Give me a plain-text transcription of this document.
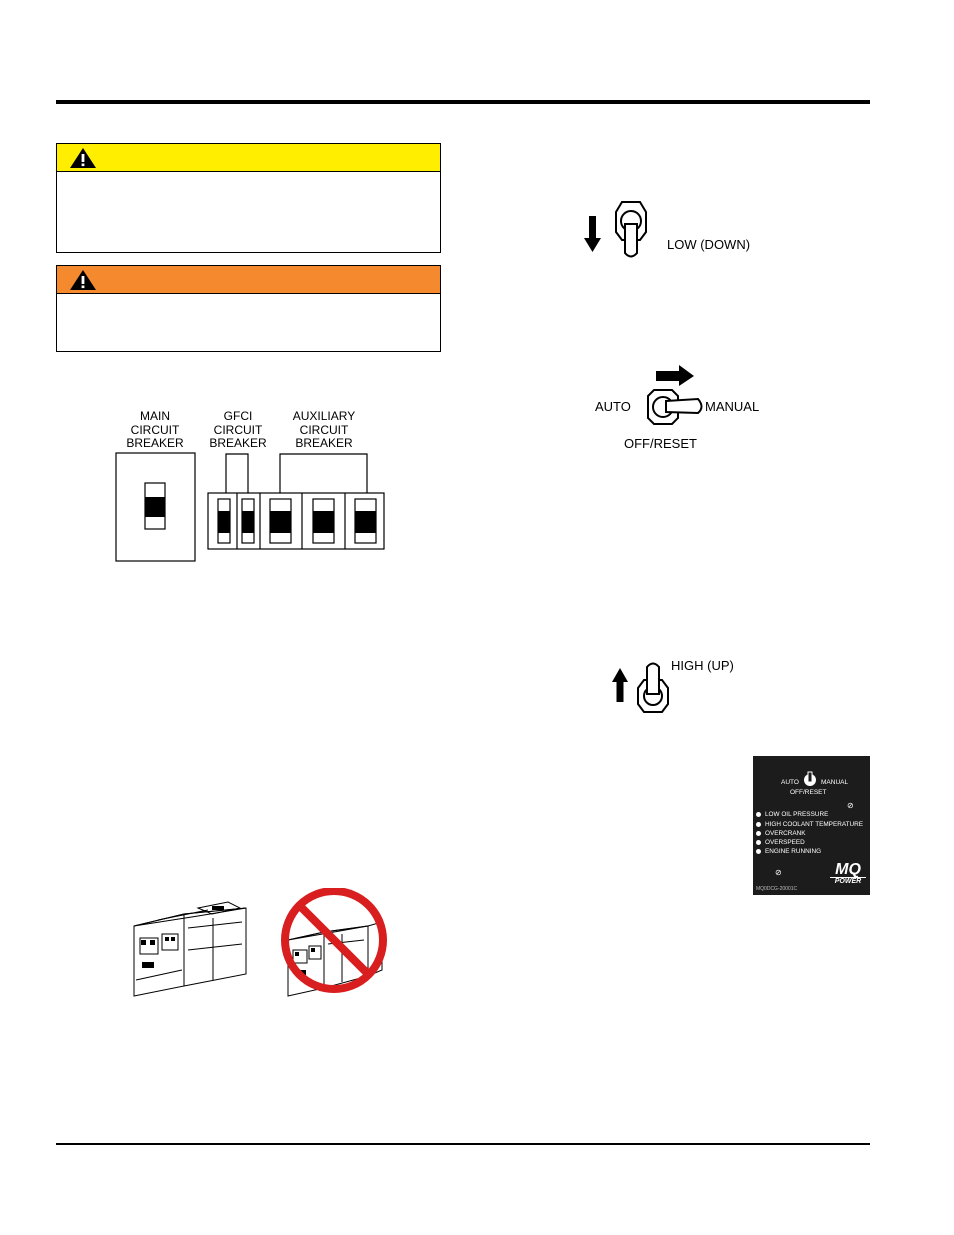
MAIN
CIRCUIT
BREAKER
GFCI
CIRCUIT
BREAKER
AUXILIARY
CIRCUIT
BREAKER
LOW (DOWN)
AUTO	MANUAL
OFF/RESET
HIGH (UP)
AUTO	MANUAL
OFF/RESET
⊘
LOW OIL PRESSURE
HIGH COOLANT TEMPERATURE
OVERCRANK
OVERSPEED
ENGINE RUNNING
⊘
MQ0DCG-20001C
MQ
POWER
